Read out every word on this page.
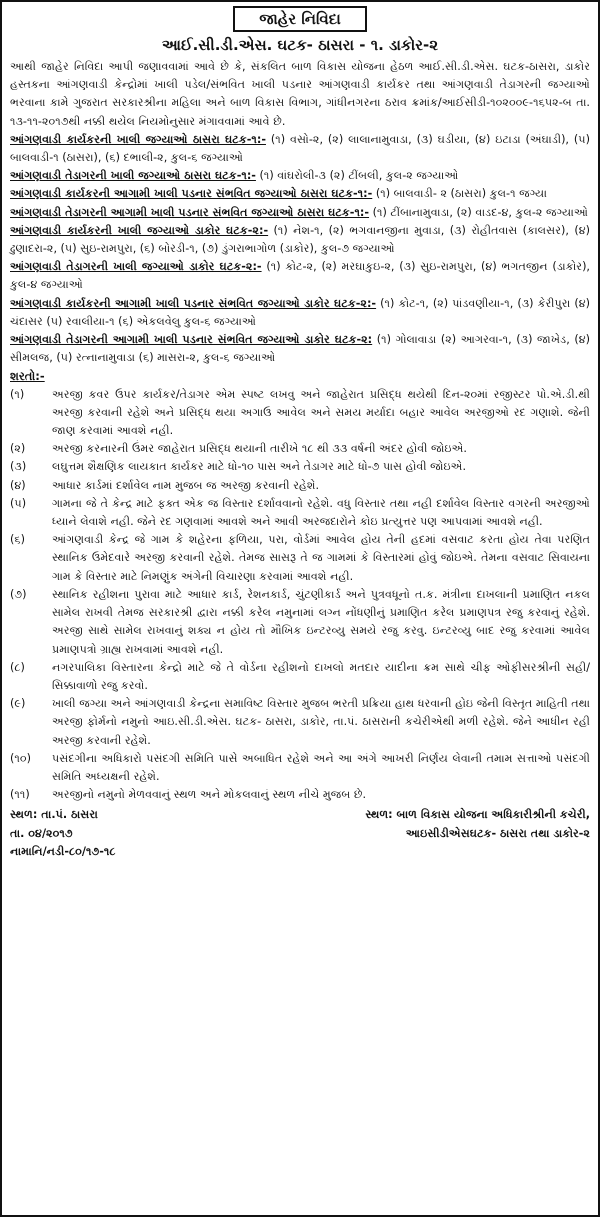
જાહેર નિવિદા
આઈ.સી.ડી.એસ. ઘટક- ઠાસરા - ૧. ડાકોર-૨
આથી જાહેર નિવિદા આપી જણાવવામાં આવે છે કે, સંકલિત બાળ વિકાસ યોજના હેઠળ આઈ.સી.ડી.એસ. ઘટક-ઠાસરા, ડાકોર હસ્તકના આંગણવાડી કેન્દ્રોમાં ખાલી પડેલ/સંભવિત ખાલી પડનાર આંગણવાડી કાર્યકર તથા આંગણવાડી તેડાગરની જગ્યાઓ ભરવાના કામે ગુજરાત સરકારશ્રીના મહિલા અને બાળ વિકાસ વિભાગ, ગાંધીનગરના ઠરાવ ક્રમાંક/આઈસીડી-૧૦૨૦૦૯-૧૬૫૨-બ તા. ૧૩-૧૧-૨૦૧૭થી નક્કી થયેલ નિયમોનુસાર મંગાવવામાં આવે છે.
આંગણવાડી કાર્યકરની ખાલી જગ્યાઓ ઠાસરા ઘટક-૧:- (૧) વસો-૨, (૨) લાલાનામુવાડા, (૩) ઘડીયા, (૪) ઇટાડા (અંઘાડી), (૫) બાલવાડી-૧ (ઠાસરા), (૬) દભાલી-૨, કુલ-૬ જગ્યાઓ
આંગણવાડી તેડાગરની ખાલી જગ્યાઓ ઠાસરા ઘટક-૧:- (૧) વાંઘરોલી-૩ (૨) ટીંબલી, કુલ-૨ જગ્યાઓ
આંગણવાડી કાર્યકરની આગામી ખાલી પડનાર સંભવિત જગ્યાઓ ઠાસરા ઘટક-૧:- (૧) બાલવાડી- ૨ (ઠાસરા) કુલ-૧ જગ્યા
આંગણવાડી તેડાગરની આગામી ખાલી પડનાર સંભવિત જગ્યાઓ ઠાસરા ઘટક-૧:- (૧) ટીંબાનામુવાડા, (૨) વાડદ-૪, કુલ-૨ જગ્યાઓ
આંગણવાડી કાર્યકરની ખાલી જગ્યાઓ ડાકોર ઘટક-૨:- (૧) નેશ-૧, (૨) ભગવાનજીના મુવાડા, (૩) રોહીતવાસ (કાલસર), (૪) ઢુણાદરા-૨, (૫) સુઇ-રામપુરા, (૬) બોરડી-૧, (૭) ડુંગરાભાગોળ (ડાકોર), કુલ-૭ જગ્યાઓ
આંગણવાડી તેડાગરની ખાલી જગ્યાઓ ડાકોર ઘટક-૨:- (૧) કોટ-૨, (૨) મરઘાકુઇ-૨, (૩) સુઇ-રામપુરા, (૪) ભગતજીન (ડાકોર), કુલ-૪ જગ્યાઓ
આંગણવાડી કાર્યકરની આગામી ખાલી પડનાર સંભવિત જગ્યાઓ ડાકોર ઘટક-૨:- (૧) કોટ-૧, (૨) પાંડવણીયા-૧, (૩) કેરીપુરા (૪) ચંદાસર (૫) રવાલીયા-૧ (૬) એકલવેલુ કુલ-૬ જગ્યાઓ
આંગણવાડી તેડાગરની આગામી ખાલી પડનાર સંભવિત જગ્યાઓ ડાકોર ઘટક-૨: (૧) ગોલાવાડા (૨) આગરવા-૧, (૩) જાખેડ, (૪) સીમલજ, (૫) રત્નાનામુવાડા (૬) માસરા-૨, કુલ-૬ જગ્યાઓ
શરતો:-
(૧)	અરજી કવર ઉપર કાર્યકર/તેડાગર એમ સ્પષ્ટ લખવુ અને જાહેરાત પ્રસિદ્ધ થયેથી દિન-૨૦માં રજીસ્ટર પો.એ.ડી.થી અરજી કરવાની રહેશે અને પ્રસિદ્ધ થયા અગાઉ આવેલ અને સમય મર્યાદા બહાર આવેલ અરજીઓ રદ ગણાશે. જેની જાણ કરવામાં આવશે નહી.
(૨)	અરજી કરનારની ઉંમર જાહેરાત પ્રસિદ્ધ થયાની તારીખે ૧૮ થી ૩૩ વર્ષની અંદર હોવી જોઇએ.
(૩)	લઘુત્તમ શૈક્ષણિક લાયકાત કાર્યકર માટે ધો-૧૦ પાસ અને તેડાગર માટે ધો-૭ પાસ હોવી જોઇએ.
(૪)	આધાર કાર્ડમાં દર્શાવેલ નામ મુજબ જ અરજી કરવાની રહેશે.
(૫)	ગામના જે તે કેન્દ્ર માટે ફક્ત એક જ વિસ્તાર દર્શાવવાનો રહેશે. વધુ વિસ્તાર તથા નહી દર્શાવેલ વિસ્તાર વગરની અરજીઓ ધ્યાને લેવાશે નહી. જેને રદ ગણવામાં આવશે અને આવી અરજદારોને કોઇ પ્રત્યુત્તર પણ આપવામાં આવશે નહી.
(૬)	આંગણવાડી કેન્દ્ર જે ગામ કે શહેરના ફળિયા, પરા, વોર્ડમાં આવેલ હોય તેની હદમાં વસવાટ કરતા હોય તેવા પરણિત સ્થાનિક ઉમેદવારે અરજી કરવાની રહેશે. તેમજ સાસરૂ તે જ ગામમાં કે વિસ્તારમાં હોવું જોઇએ. તેમના વસવાટ સિવાયના ગામ કે વિસ્તાર માટે નિમણુંક અંગેની વિચારણા કરવામાં આવશે નહી.
(૭)	સ્થાનિક રહીશના પુરાવા માટે આધાર કાર્ડ, રેશનકાર્ડ, ચુંટણીકાર્ડ અને પુત્રવધૂનો ત.ક. મંત્રીના દાખલાની પ્રમાણિત નકલ સામેલ રાખવી તેમજ સરકારશ્રી દ્વારા નક્કી કરેલ નમુનામાં લગ્ન નોંધણીનું પ્રમાણિત કરેલ પ્રમાણપત્ર રજુ કરવાનું રહેશે. અરજી સાથે સામેલ રાખવાનું શક્ય ન હોય તો મૌખિક ઇન્ટરવ્યુ સમયે રજુ કરવુ. ઇન્ટરવ્યુ બાદ રજુ કરવામાં આવેલ પ્રમાણપત્રો ગ્રાહ્ય રાખવામાં આવશે નહી.
(૮)	નગરપાલિકા વિસ્તારના કેન્દ્રો માટે જે તે વોર્ડના રહીશનો દાખલો મતદાર યાદીના ક્રમ સાથે ચીફ ઓફીસરશ્રીની સહી/સિક્કાવાળો રજુ કરવો.
(૯)	ખાલી જગ્યા અને આંગણવાડી કેન્દ્રના સમાવિષ્ટ વિસ્તાર મુજબ ભરતી પ્રક્રિયા હાથ ધરવાની હોઇ જેની વિસ્તૃત માહિતી તથા અરજી ફોર્મનો નમુનો આઇ.સી.ડી.એસ. ઘટક- ઠાસરા, ડાકોર, તા.પં. ઠાસરાની કચેરીએથી મળી રહેશે. જેને આધીન રહી અરજી કરવાની રહેશે.
(૧૦)	પસંદગીના અધિકારો પસંદગી સમિતિ પાસે અબાધિત રહેશે અને આ અંગે આખરી નિર્ણય લેવાની તમામ સત્તાઓ પસંદગી સમિતિ અધ્યક્ષની રહેશે.
(૧૧)	અરજીનો નમુનો મેળવવાનું સ્થળ અને મોકલવાનું સ્થળ નીચે મુજબ છે.
સ્થળ: તા.પં. ઠાસરા	સ્થળ: બાળ વિકાસ યોજના અધિકારીશ્રીની કચેરી,
તા. ૦૪/૨૦૧૭	આઇસીડીએસઘટક- ઠાસરા તથા ડાકોર-૨
નામાનિ/નડી-૮૦/૧૭-૧૮
